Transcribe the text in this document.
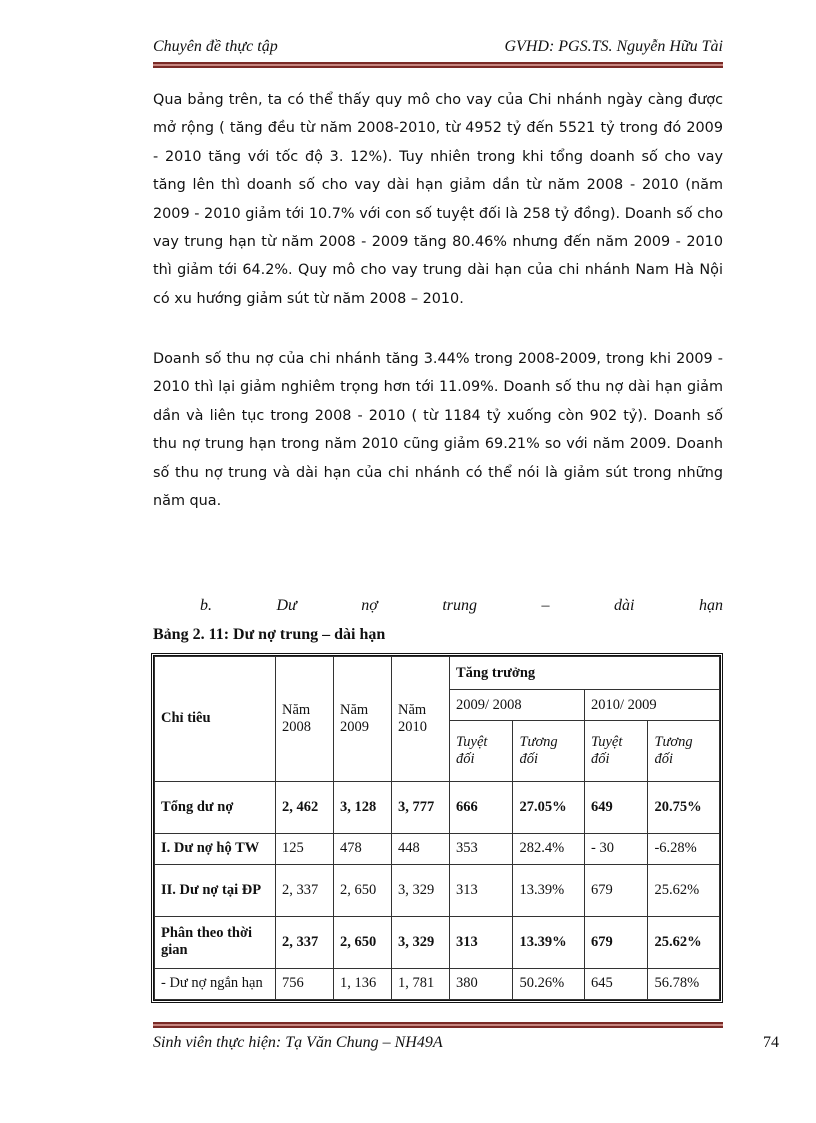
Chuyên đề thực tập	GVHD: PGS.TS. Nguyễn Hữu Tài

Qua bảng trên, ta có thể thấy quy mô cho vay của Chi nhánh ngày càng được mở rộng ( tăng đều từ năm 2008-2010, từ 4952 tỷ đến 5521 tỷ trong đó 2009 - 2010 tăng với tốc độ 3. 12%). Tuy nhiên trong khi tổng doanh số cho vay tăng lên thì doanh số cho vay dài hạn giảm dần từ năm 2008 - 2010 (năm 2009 - 2010 giảm tới 10.7% với con số tuyệt đối là 258 tỷ đồng). Doanh số cho vay trung hạn từ năm 2008 - 2009 tăng 80.46% nhưng đến năm 2009 - 2010 thì giảm tới 64.2%. Quy mô cho vay trung dài hạn của chi nhánh Nam Hà Nội có xu hướng giảm sút từ năm 2008 – 2010.

Doanh số thu nợ của chi nhánh tăng 3.44% trong 2008-2009, trong khi 2009 - 2010 thì lại giảm nghiêm trọng hơn tới 11.09%. Doanh số thu nợ dài hạn giảm dần và liên tục trong 2008 - 2010 ( từ 1184 tỷ xuống còn 902 tỷ). Doanh số thu nợ trung hạn trong năm 2010 cũng giảm 69.21% so với năm 2009. Doanh số thu nợ trung và dài hạn của chi nhánh có thể nói là giảm sút trong những năm qua.

b.	Dư	nợ	trung	–	dài	hạn
Bảng 2. 11: Dư nợ trung – dài hạn
Chỉ tiêu	Năm 2008	Năm 2009	Năm 2010	Tăng trưởng			
				2009/ 2008		2010/ 2009	
				Tuyệt đối	Tương đối	Tuyệt đối	Tương đối
Tổng dư nợ	2, 462	3, 128	3, 777	666	27.05%	649	20.75%
I. Dư nợ hộ TW	125	478	448	353	282.4%	- 30	-6.28%
II. Dư nợ tại ĐP	2, 337	2, 650	3, 329	313	13.39%	679	25.62%
Phân theo thời gian	2, 337	2, 650	3, 329	313	13.39%	679	25.62%
- Dư nợ ngắn hạn	756	1, 136	1, 781	380	50.26%	645	56.78%
Sinh viên thực hiện: Tạ Văn Chung – NH49A	74
